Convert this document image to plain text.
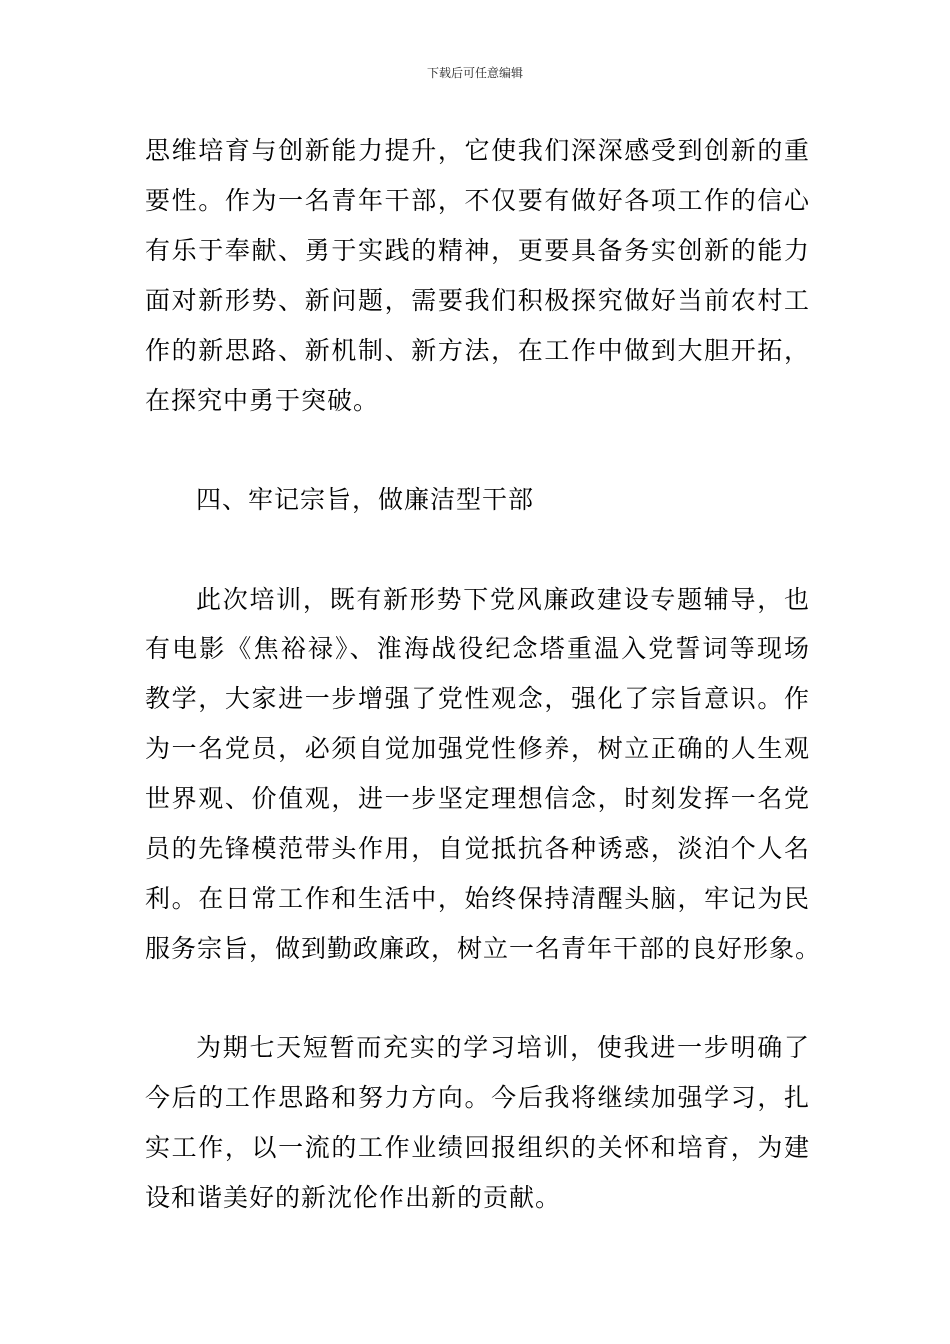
下载后可任意编辑
思维培育与创新能力提升，它使我们深深感受到创新的重
要性。作为一名青年干部，不仅要有做好各项工作的信心
有乐于奉献、勇于实践的精神，更要具备务实创新的能力
面对新形势、新问题，需要我们积极探究做好当前农村工
作的新思路、新机制、新方法，在工作中做到大胆开拓，
在探究中勇于突破。
四、牢记宗旨，做廉洁型干部
此次培训，既有新形势下党风廉政建设专题辅导，也
有电影《焦裕禄》、淮海战役纪念塔重温入党誓词等现场
教学，大家进一步增强了党性观念，强化了宗旨意识。作
为一名党员，必须自觉加强党性修养，树立正确的人生观
世界观、价值观，进一步坚定理想信念，时刻发挥一名党
员的先锋模范带头作用，自觉抵抗各种诱惑，淡泊个人名
利。在日常工作和生活中，始终保持清醒头脑，牢记为民
服务宗旨，做到勤政廉政，树立一名青年干部的良好形象。
为期七天短暂而充实的学习培训，使我进一步明确了
今后的工作思路和努力方向。今后我将继续加强学习，扎
实工作，以一流的工作业绩回报组织的关怀和培育，为建
设和谐美好的新沈伦作出新的贡献。
